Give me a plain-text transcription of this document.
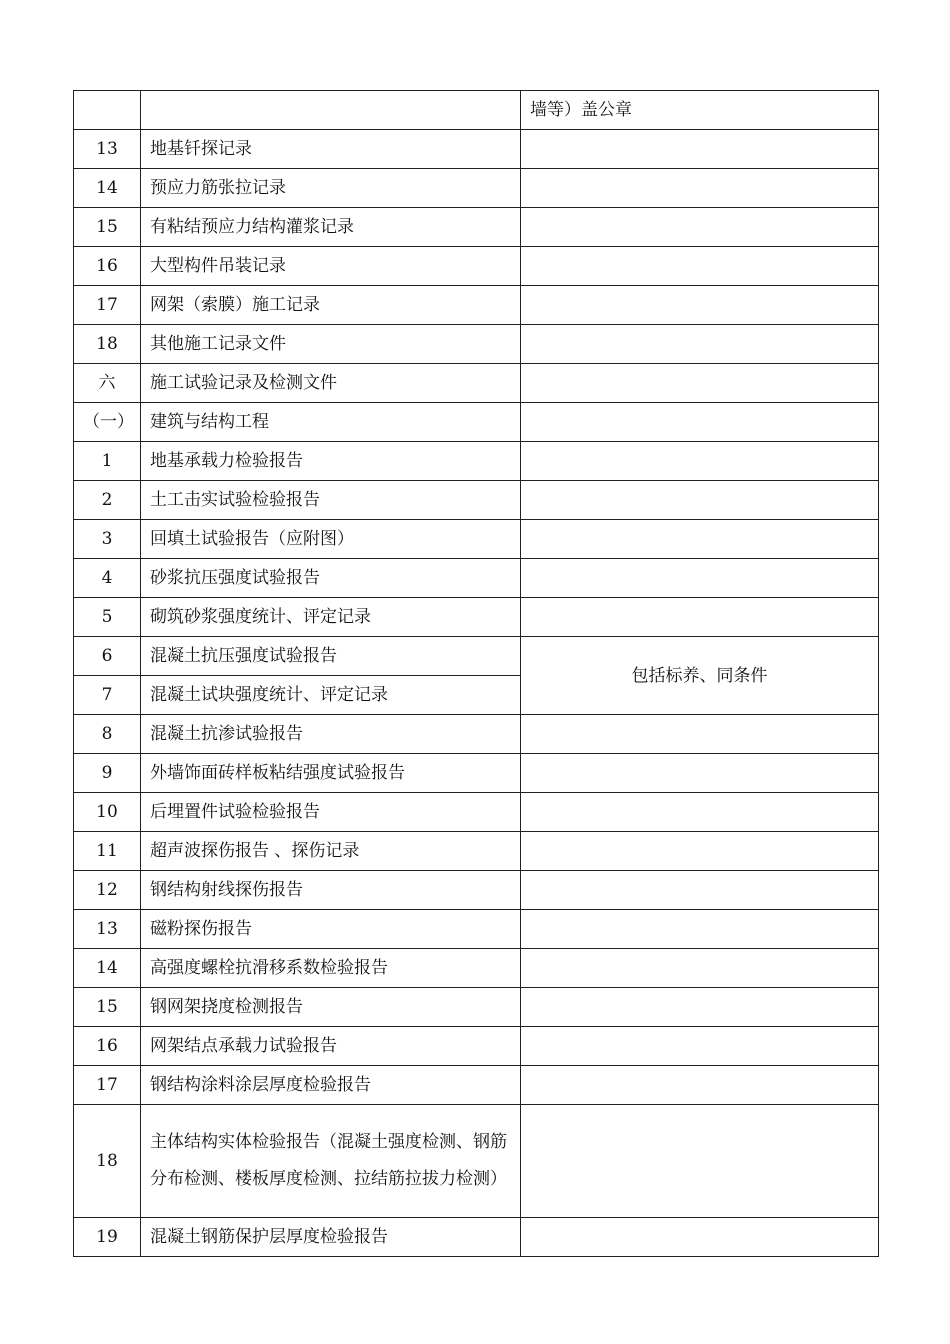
		墙等）盖公章
13	地基钎探记录	
14	预应力筋张拉记录	
15	有粘结预应力结构灌浆记录	
16	大型构件吊装记录	
17	网架（索膜）施工记录	
18	其他施工记录文件	
六	施工试验记录及检测文件	
（一）	建筑与结构工程	
1	地基承载力检验报告	
2	土工击实试验检验报告	
3	回填土试验报告（应附图）	
4	砂浆抗压强度试验报告	
5	砌筑砂浆强度统计、评定记录	
6	混凝土抗压强度试验报告	包括标养、同条件
7	混凝土试块强度统计、评定记录	
8	混凝土抗渗试验报告	
9	外墙饰面砖样板粘结强度试验报告	
10	后埋置件试验检验报告	
11	超声波探伤报告 、探伤记录	
12	钢结构射线探伤报告	
13	磁粉探伤报告	
14	高强度螺栓抗滑移系数检验报告	
15	钢网架挠度检测报告	
16	网架结点承载力试验报告	
17	钢结构涂料涂层厚度检验报告	
18	主体结构实体检验报告（混凝土强度检测、钢筋分布检测、楼板厚度检测、拉结筋拉拔力检测）	
19	混凝土钢筋保护层厚度检验报告	
